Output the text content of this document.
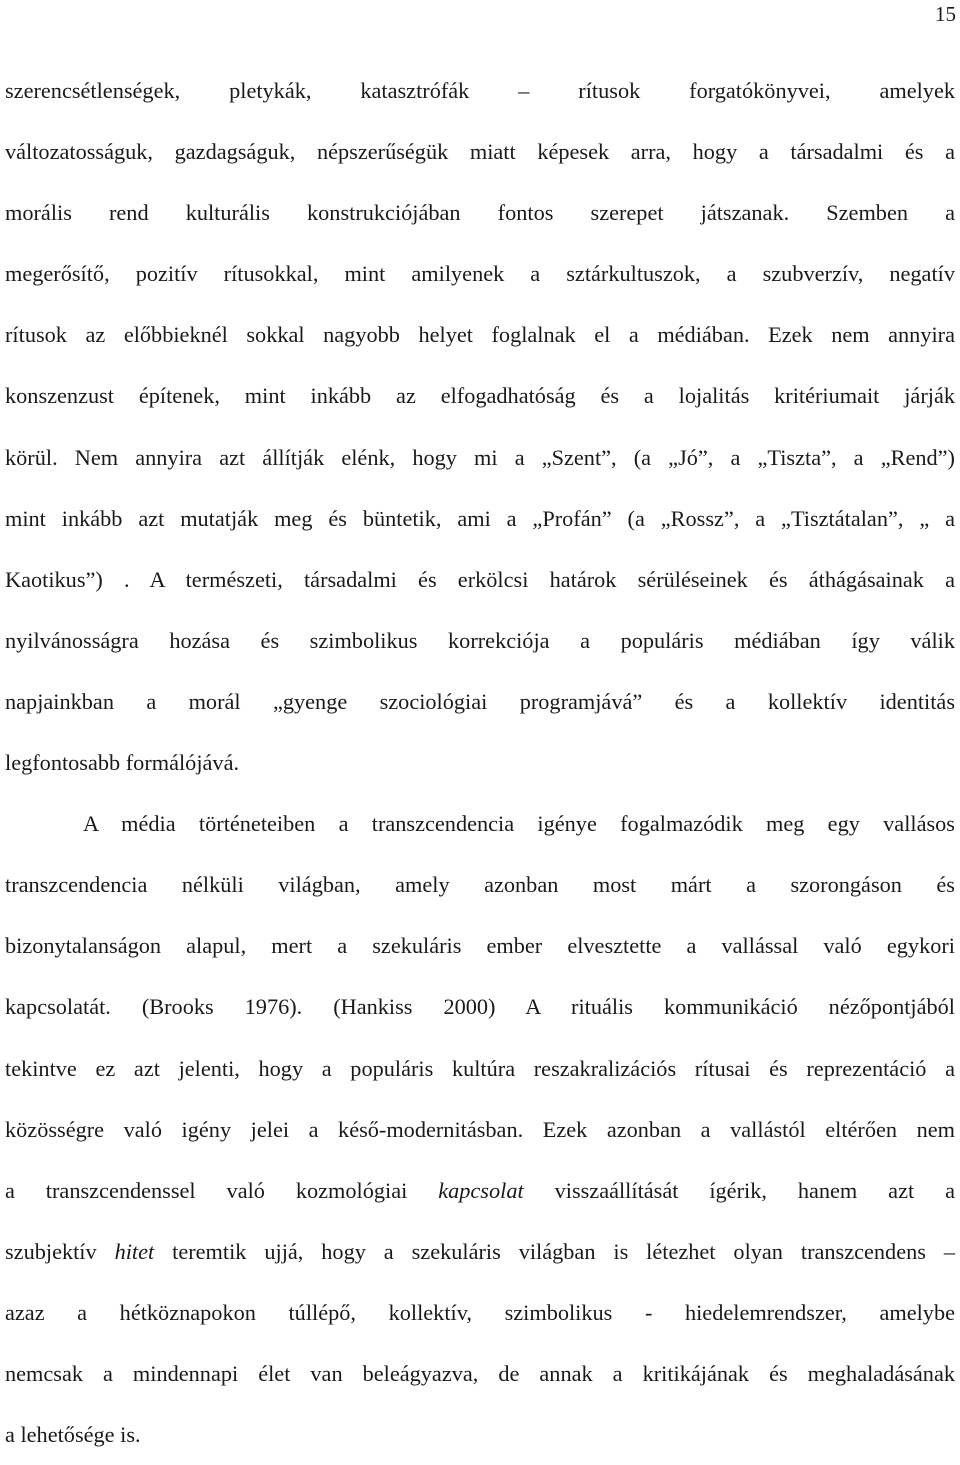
15
szerencsétlenségek, pletykák, katasztrófák – rítusok forgatókönyvei, amelyek
változatosságuk, gazdagságuk, népszerűségük miatt képesek arra, hogy a társadalmi és a
morális rend kulturális konstrukciójában fontos szerepet játszanak. Szemben a
megerősítő, pozitív rítusokkal, mint amilyenek a sztárkultuszok, a szubverzív, negatív
rítusok az előbbieknél sokkal nagyobb helyet foglalnak el a médiában. Ezek nem annyira
konszenzust építenek, mint inkább az elfogadhatóság és a lojalitás kritériumait járják
körül. Nem annyira azt állítják elénk, hogy mi a „Szent”, (a „Jó”, a „Tiszta”, a „Rend”)
mint inkább azt mutatják meg és büntetik, ami a „Profán” (a „Rossz”, a „Tisztátalan”, „ a
Kaotikus”) . A természeti, társadalmi és erkölcsi határok sérüléseinek és áthágásainak a
nyilvánosságra hozása és szimbolikus korrekciója a populáris médiában így válik
napjainkban a morál „gyenge szociológiai programjává” és a kollektív identitás
legfontosabb formálójává.
A média történeteiben a transzcendencia igénye fogalmazódik meg egy vallásos
transzcendencia nélküli világban, amely azonban most márt a szorongáson és
bizonytalanságon alapul, mert a szekuláris ember elvesztette a vallással való egykori
kapcsolatát. (Brooks 1976). (Hankiss 2000) A rituális kommunikáció nézőpontjából
tekintve ez azt jelenti, hogy a populáris kultúra reszakralizációs rítusai és reprezentáció a
közösségre való igény jelei a késő-modernitásban. Ezek azonban a vallástól eltérően nem
a transzcendenssel való kozmológiai kapcsolat visszaállítását ígérik, hanem azt a
szubjektív hitet teremtik ujjá, hogy a szekuláris világban is létezhet olyan transzcendens –
azaz a hétköznapokon túllépő, kollektív, szimbolikus - hiedelemrendszer, amelybe
nemcsak a mindennapi élet van beleágyazva, de annak a kritikájának és meghaladásának
a lehetősége is.
